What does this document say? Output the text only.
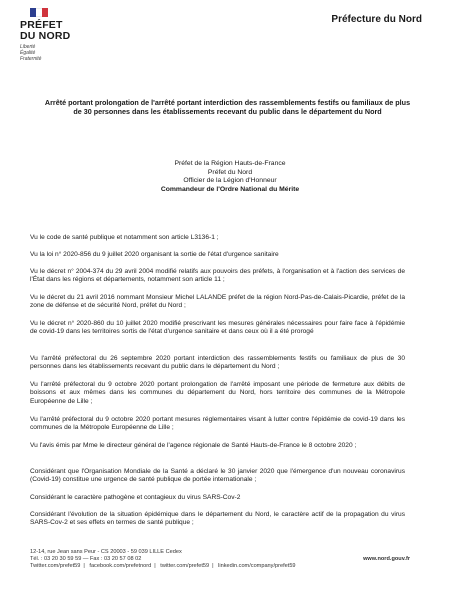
PRÉFET
DU NORD
Liberté
Égalité
Fraternité
Préfecture du Nord
Arrêté portant prolongation de l'arrêté portant interdiction des rassemblements festifs ou familiaux de plus de 30 personnes dans les établissements recevant du public dans le département du Nord
Préfet de la Région Hauts-de-France
Préfet du Nord
Officier de la Légion d'Honneur
Commandeur de l'Ordre National du Mérite
Vu le code de santé publique et notamment son article L3136-1 ;
Vu la loi n° 2020-856 du 9 juillet 2020 organisant la sortie de l'état d'urgence sanitaire
Vu le décret n° 2004-374 du 29 avril 2004 modifié relatifs aux pouvoirs des préfets, à l'organisation et à l'action des services de l'État dans les régions et départements, notamment son article 11 ;
Vu le décret du 21 avril 2016 nommant Monsieur Michel LALANDE préfet de la région Nord-Pas-de-Calais-Picardie, préfet de la zone de défense et de sécurité Nord, préfet du Nord ;
Vu le décret n° 2020-860 du 10 juillet 2020 modifié prescrivant les mesures générales nécessaires pour faire face à l'épidémie de covid-19 dans les territoires sortis de l'état d'urgence sanitaire et dans ceux où il a été prorogé
Vu l'arrêté préfectoral du 26 septembre 2020 portant interdiction des rassemblements festifs ou familiaux de plus de 30 personnes dans les établissements recevant du public dans le département du Nord ;
Vu l'arrêté préfectoral du 9 octobre 2020 portant prolongation de l'arrêté imposant une période de fermeture aux débits de boissons et aux mêmes dans les communes du département du Nord, hors territoire des communes de la Métropole Européenne de Lille ;
Vu l'arrêté préfectoral du 9 octobre 2020 portant mesures réglementaires visant à lutter contre l'épidémie de covid-19 dans les communes de la Métropole Européenne de Lille ;
Vu l'avis émis par Mme le directeur général de l'agence régionale de Santé Hauts-de-France le 8 octobre 2020 ;
Considérant que l'Organisation Mondiale de la Santé a déclaré le 30 janvier 2020 que l'émergence d'un nouveau coronavirus (Covid-19) constitue une urgence de santé publique de portée internationale ;
Considérant le caractère pathogène et contagieux du virus SARS-Cov-2
Considérant l'évolution de la situation épidémique dans le département du Nord, le caractère actif de la propagation du virus SARS-Cov-2 et ses effets en termes de santé publique ;
12-14, rue Jean sans Peur - CS 20003 - 59 039 LILLE Cedex
Tél. : 03 20 30 59 59 — Fax : 03 20 57 08 02	www.nord.gouv.fr
Twitter.com/prefet59 | facebook.com/prefetnord | twitter.com/prefet59 | linkedin.com/company/prefet59
